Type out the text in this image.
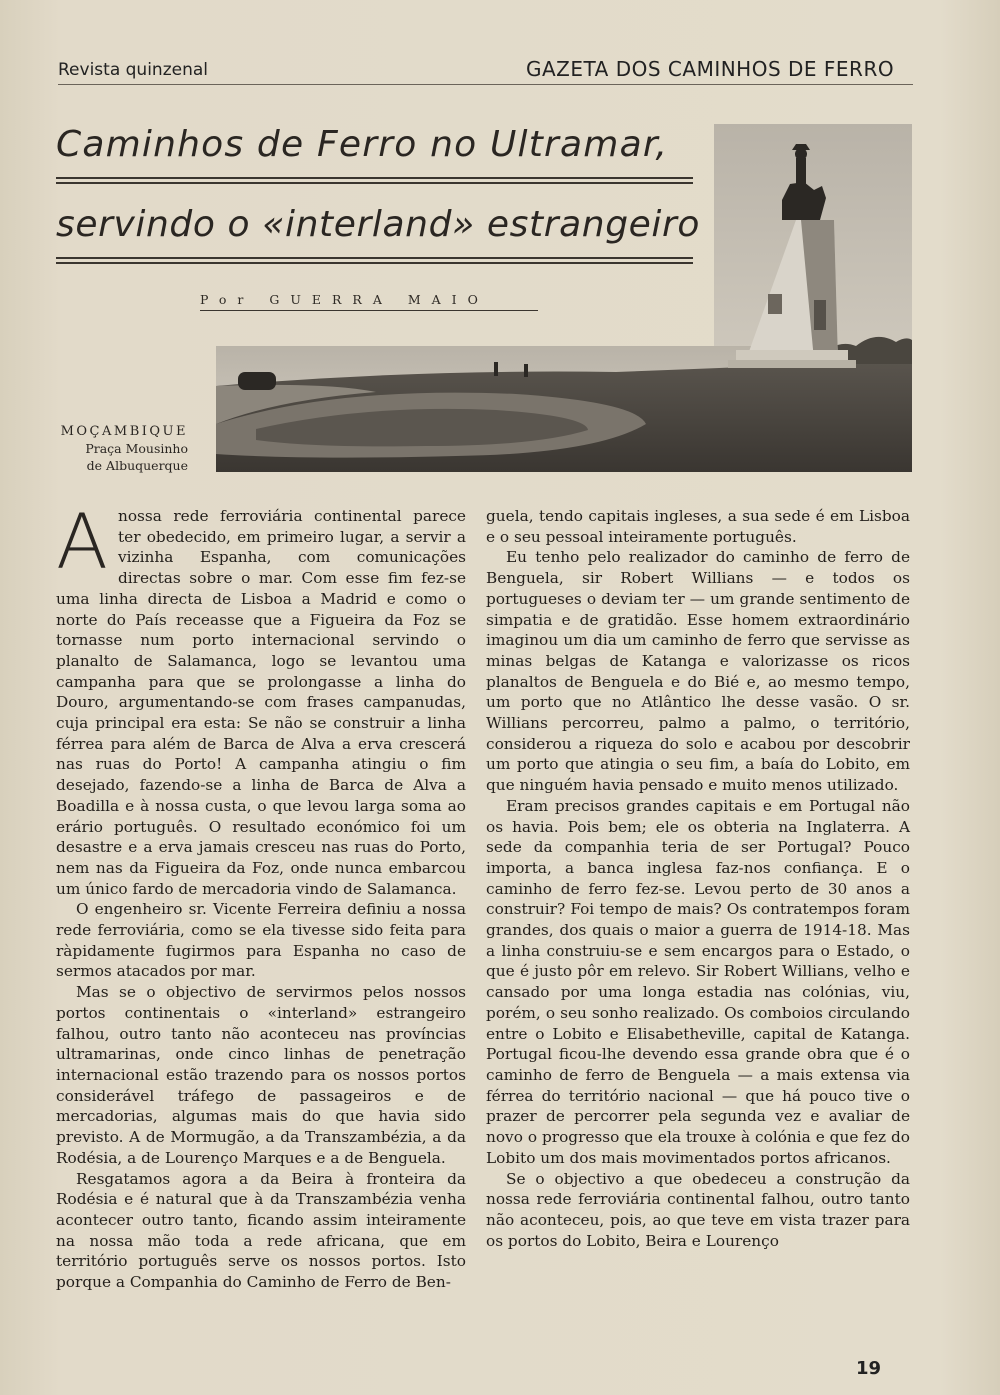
Revista quinzenal	GAZETA DOS CAMINHOS DE FERRO
Caminhos de Ferro no Ultramar,
servindo o «interland» estrangeiro
Por GUERRA MAIO
MOÇAMBIQUE
Praça Mousinho
de Albuquerque

Anossa rede ferroviária continental parece ter obedecido, em primeiro lugar, a servir a vizinha Espanha, com comunicações directas sobre o mar. Com esse fim fez-se uma linha directa de Lisboa a Madrid e como o norte do País receasse que a Figueira da Foz se tornasse num porto internacional servindo o planalto de Salamanca, logo se levantou uma campanha para que se prolongasse a linha do Douro, argumentando-se com frases campanudas, cuja principal era esta: Se não se construir a linha férrea para além de Barca de Alva a erva crescerá nas ruas do Porto! A campanha atingiu o fim desejado, fazendo-se a linha de Barca de Alva a Boadilla e à nossa custa, o que levou larga soma ao erário português. O resultado económico foi um desastre e a erva jamais cresceu nas ruas do Porto, nem nas da Figueira da Foz, onde nunca embarcou um único fardo de mercadoria vindo de Salamanca.

O engenheiro sr. Vicente Ferreira definiu a nossa rede ferroviária, como se ela tivesse sido feita para ràpidamente fugirmos para Espanha no caso de sermos atacados por mar.

Mas se o objectivo de servirmos pelos nossos portos continentais o «interland» estrangeiro falhou, outro tanto não aconteceu nas províncias ultramarinas, onde cinco linhas de penetração internacional estão trazendo para os nossos portos considerável tráfego de passageiros e de mercadorias, algumas mais do que havia sido previsto. A de Mormugão, a da Transzambézia, a da Rodésia, a de Lourenço Marques e a de Benguela.

Resgatamos agora a da Beira à fronteira da Rodésia e é natural que à da Transzambézia venha acontecer outro tanto, ficando assim inteiramente na nossa mão toda a rede africana, que em território português serve os nossos portos. Isto porque a Companhia do Caminho de Ferro de Ben-

guela, tendo capitais ingleses, a sua sede é em Lisboa e o seu pessoal inteiramente português.

Eu tenho pelo realizador do caminho de ferro de Benguela, sir Robert Willians — e todos os portugueses o deviam ter — um grande sentimento de simpatia e de gratidão. Esse homem extraordinário imaginou um dia um caminho de ferro que servisse as minas belgas de Katanga e valorizasse os ricos planaltos de Benguela e do Bié e, ao mesmo tempo, um porto que no Atlântico lhe desse vasão. O sr. Willians percorreu, palmo a palmo, o território, considerou a riqueza do solo e acabou por descobrir um porto que atingia o seu fim, a baía do Lobito, em que ninguém havia pensado e muito menos utilizado.

Eram precisos grandes capitais e em Portugal não os havia. Pois bem; ele os obteria na Inglaterra. A sede da companhia teria de ser Portugal? Pouco importa, a banca inglesa faz-nos confiança. E o caminho de ferro fez-se. Levou perto de 30 anos a construir? Foi tempo de mais? Os contratempos foram grandes, dos quais o maior a guerra de 1914-18. Mas a linha construiu-se e sem encargos para o Estado, o que é justo pôr em relevo. Sir Robert Willians, velho e cansado por uma longa estadia nas colónias, viu, porém, o seu sonho realizado. Os comboios circulando entre o Lobito e Elisabetheville, capital de Katanga. Portugal ficou-lhe devendo essa grande obra que é o caminho de ferro de Benguela — a mais extensa via férrea do território nacional — que há pouco tive o prazer de percorrer pela segunda vez e avaliar de novo o progresso que ela trouxe à colónia e que fez do Lobito um dos mais movimentados portos africanos.

Se o objectivo a que obedeceu a construção da nossa rede ferroviária continental falhou, outro tanto não aconteceu, pois, ao que teve em vista trazer para os portos do Lobito, Beira e Lourenço

19
